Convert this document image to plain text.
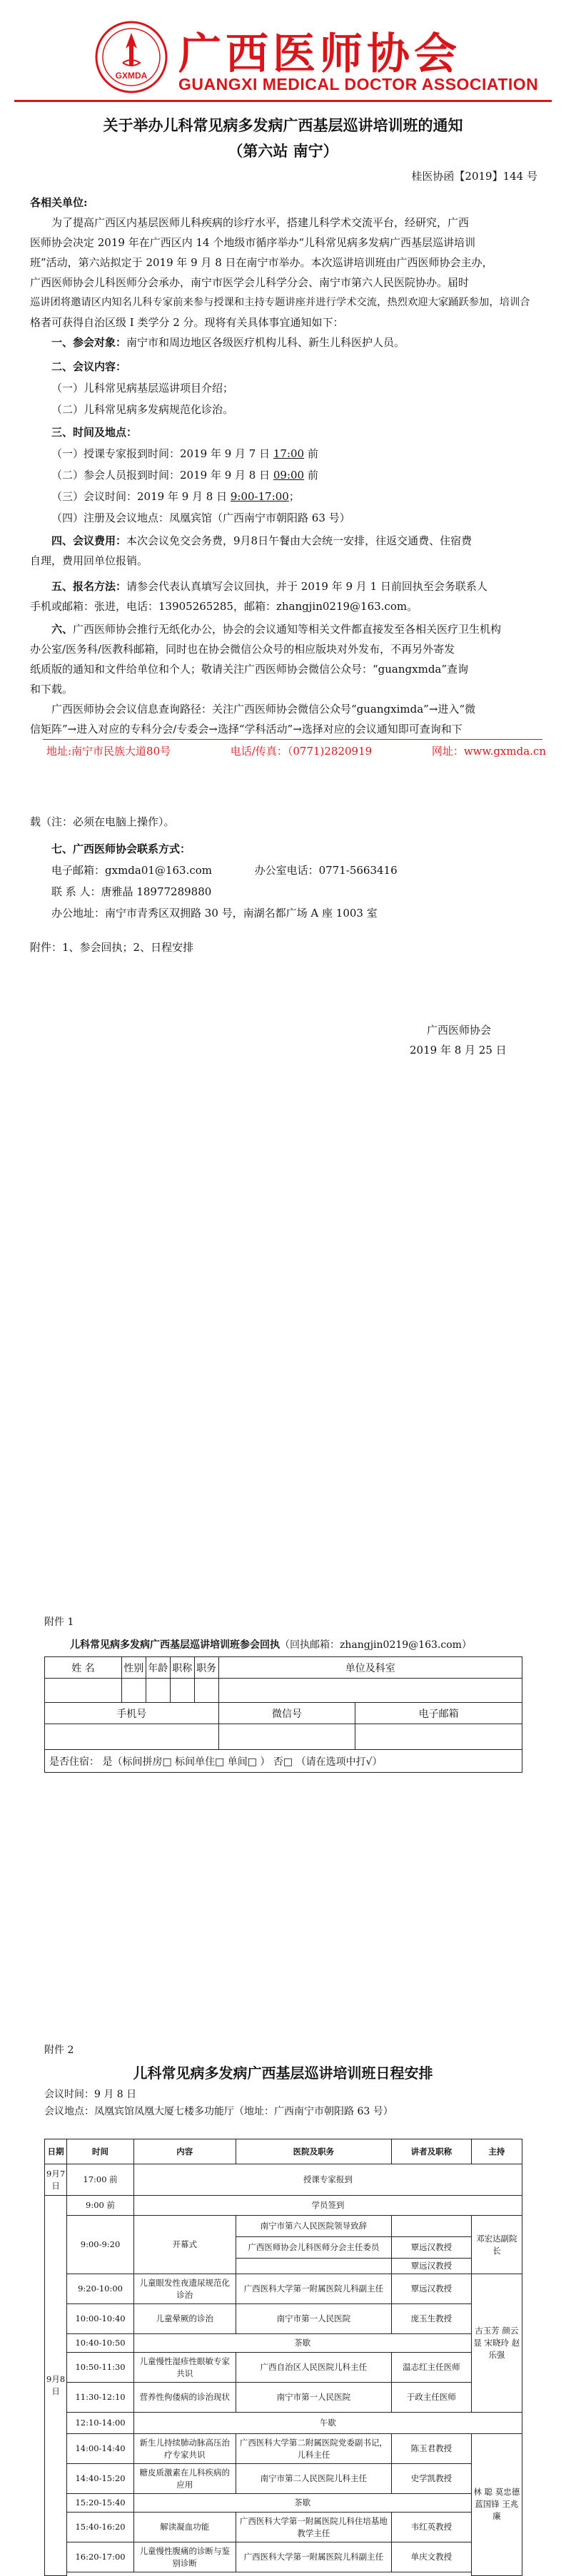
GXMDA 广西医师协会
GUANGXI MEDICAL DOCTOR ASSOCIATION
关于举办儿科常见病多发病广西基层巡讲培训班的通知
（第六站 南宁）
桂医协函【2019】144 号
各相关单位:
为了提高广西区内基层医师儿科疾病的诊疗水平，搭建儿科学术交流平台，经研究，广西
医师协会决定 2019 年在广西区内 14 个地级市循序举办“儿科常见病多发病广西基层巡讲培训
班”活动，第六站拟定于 2019 年 9 月 8 日在南宁市举办。本次巡讲培训班由广西医师协会主办，
广西医师协会儿科医师分会承办，南宁市医学会儿科学分会、南宁市第六人民医院协办。届时
巡讲团将邀请区内知名儿科专家前来参与授课和主持专题讲座并进行学术交流，热烈欢迎大家踊跃参加，培训合
格者可获得自治区级 I 类学分 2 分。现将有关具体事宜通知如下：
一、参会对象：南宁市和周边地区各级医疗机构儿科、新生儿科医护人员。
二、会议内容：
（一）儿科常见病基层巡讲项目介绍；
（二）儿科常见病多发病规范化诊治。
三、时间及地点：
（一）授课专家报到时间：2019 年 9 月 7 日 17:00 前
（二）参会人员报到时间：2019 年 9 月 8 日 09:00 前
（三）会议时间：2019 年 9 月 8 日 9:00-17:00；
（四）注册及会议地点：凤凰宾馆（广西南宁市朝阳路 63 号）
四、会议费用：本次会议免交会务费，9月8日午餐由大会统一安排，往返交通费、住宿费
自理，费用回单位报销。
五、报名方法：请参会代表认真填写会议回执，并于 2019 年 9 月 1 日前回执至会务联系人
手机或邮箱：张进，电话：13905265285，邮箱：zhangjin0219@163.com。
六、广西医师协会推行无纸化办公，协会的会议通知等相关文件都直接发至各相关医疗卫生机构
办公室/医务科/医教科邮箱，同时也在协会微信公众号的相应版块对外发布，不再另外寄发
纸质版的通知和文件给单位和个人；敬请关注广西医师协会微信公众号：“guangxmda”查询
和下载。
广西医师协会会议信息查询路径：关注广西医师协会微信公众号“guangximda”→进入“微
信矩阵”→进入对应的专科分会/专委会→选择“学科活动”→选择对应的会议通知即可查询和下
地址:南宁市民族大道80号	电话/传真：（0771)2820919	网址：www.gxmda.cn
载（注：必须在电脑上操作）。
七、广西医师协会联系方式：
电子邮箱：gxmda01@163.com	办公室电话：0771-5663416
联 系 人：唐雅晶 18977289880
办公地址：南宁市青秀区双拥路 30 号，南湖名都广场 A 座 1003 室
附件：1、参会回执；2、日程安排
广西医师协会
2019 年 8 月 25 日
附件 1
儿科常见病多发病广西基层巡讲培训班参会回执（回执邮箱：zhangjin0219@163.com）
姓 名	性别	年龄	职称	职务	单位及科室	

手机号					微信号	电子邮箱

是否住宿： 是（标间拼房□ 标间单住□ 单间□ ） 否□ （请在选项中打√）						
附件 2
儿科常见病多发病广西基层巡讲培训班日程安排
会议时间：9 月 8 日
会议地点：凤凰宾馆凤凰大厦七楼多功能厅（地址：广西南宁市朝阳路 63 号）
日期	时间	内容	医院及职务	讲者及职称	主持
9月7日	17:00 前	授课专家报到			
9月8日	9:00 前	学员签到			
	9:00-9:20	开幕式	南宁市第六人民医院领导致辞		邓宏达副院长
			广西医师协会儿科医师分会主任委员	覃远汉教授	
				覃远汉教授	
	9:20-10:00	儿童眼发性夜遗尿规范化诊治	广西医科大学第一附属医院儿科副主任	覃远汉教授	古玉芳 颜云显 宋晓玲 赵乐强
	10:00-10:40	儿童晕厥的诊治	南宁市第一人民医院	庞玉生教授	
	10:40-10:50	茶歇			
	10:50-11:30	儿童慢性湿疹性眼敏专家共识	广西自治区人民医院儿科主任	温志红主任医师	
	11:30-12:10	营养性佝偻病的诊治现状	南宁市第一人民医院	于政主任医师	
	12:10-14:00	午歇			
	14:00-14:40	新生儿持续肺动脉高压治疗专家共识	广西医科大学第二附属医院党委副书记，儿科主任	陈玉君教授	林 聪 莫忠德 蓝国锋 王兆廉
	14:40-15:20	糖皮质激素在儿科疾病的应用	南宁市第二人民医院儿科主任	史学凯教授	
	15:20-15:40	茶歇			
	15:40-16:20	解读凝血功能	广西医科大学第一附属医院儿科住培基地教学主任	韦红英教授	
	16:20-17:00	儿童慢性腹痛的诊断与鉴别诊断	广西医科大学第一附属医院儿科副主任	单庆文教授	
